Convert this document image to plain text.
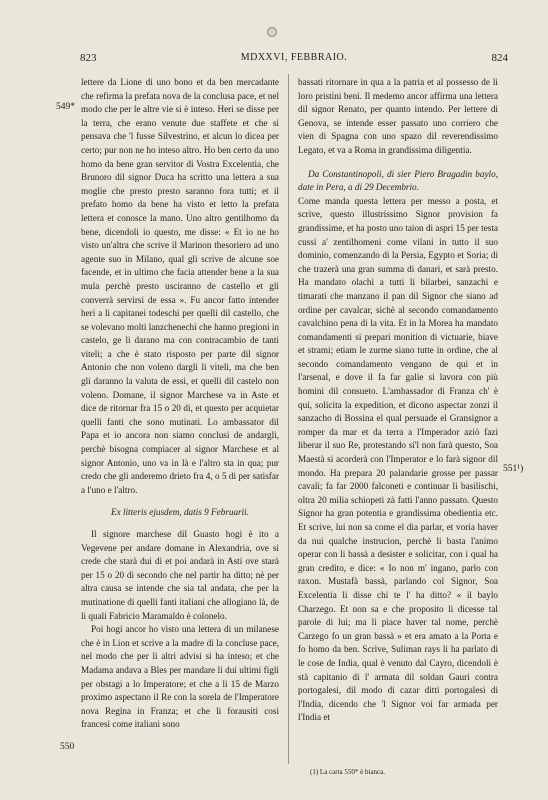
823	MDXXVI, FEBBRAIO.	824
549*
550
551¹)

lettere da Lione di uno bono et da ben mercadante che refirma la prefata nova de la conclusa pace, et nel modo che per le altre vie si è inteso. Heri se disse per la terra, che erano venute due staffete et che si pensava che 'l fusse Silvestrino, et alcun lo dicea per certo; pur non ne ho inteso altro. Ho ben certo da uno homo da bene gran servitor di Vostra Excelentia, che Brunoro dil signor Duca ha scritto una lettera a sua moglie che presto presto saranno fora tutti; et il prefato homo da bene ha visto et letto la prefata lettera et conosce la mano. Uno altro gentilhomo da bene, dicendoli io questo, me disse: « Et io ne ho visto un'altra che scrive il Marinon thesoriero ad uno agente suo in Milano, qual gli scrive de alcune soe facende, et in ultimo che facia attender bene a la sua mula perchè presto usciranno de castello et gli converrà servirsi de essa ». Fu ancor fatto intender heri a li capitanei todeschi per quelli dil castello, che se volevano molti lanzchenechi che hanno pregioni in castelo, ge li darano ma con contracambio de tanti viteli; a che è stato risposto per parte dil signor Antonio che non voleno dargli li viteli, ma che ben gli daranno la valuta de essi, et quelli dil castelo non voleno. Domane, il signor Marchese va in Aste et dice de ritornar fra 15 o 20 di, et questo per acquietar quelli fanti che sono mutinati. Lo ambassator dil Papa et io ancora non siamo conclusi de andargli, perchè bisogna compiacer al signor Marchese et al signor Antonio, uno va in là e l'altro sta in qua; pur credo che gli anderemo drieto fra 4, o 5 di per satisfar a l'uno e l'altro.

Ex litteris ejusdem, datis 9 Februarii.

Il signore marchese dil Guasto hogi è ito a Vegevene per andare domane in Alexandria, ove si crede che starà dui di et poi andarà in Asti ove starà per 15 o 20 dì secondo che nel partir ha ditto; nè per altra causa se intende che sia tal andata, che per la mutinatione di quelli fanti italiani che allogiano là, de li quali Fabricio Maramaldo è colonelo.

Poi hogi ancor ho visto una lettera di un milanese che è in Lion et scrive a la madre di la concluse pace, nel modo che per li altri advisi si ha inteso; et che Madama andava a Bles per mandare li dui ultimi figli per obstagi a lo Imperatore; et che a li 15 de Marzo proximo aspectano il Re con la sorela de l'Imperatore nova Regina in Franza; et che li forausiti così francesi come italiani sono

bassati ritornare in qua a la patria et al possesso de li loro pristini beni. Il medemo ancor affirma una lettera dil signor Renato, per quanto intendo. Per lettere di Genova, se intende esser passato uno corriero che vien di Spagna con uno spazo dil reverendissimo Legato, et va a Roma in grandissima diligentia.

Da Constantinopoli, di sier Piero Bragadin baylo, date in Pera, a di 29 Decembrio.

Come manda questa lettera per messo a posta, et scrive, questo illustrissimo Signor provision fa grandissime, et ha posto uno taion di aspri 15 per testa cussì a' zentilhomeni come vilani in tutto il suo dominio, comenzando di la Persia, Egypto et Soria; di che trazerà una gran summa di danari, et sarà presto. Ha mandato olachi a tutti li bilarbei, sanzachi e timarati che manzano il pan dil Signor che siano ad ordine per cavalcar, sichè al secondo comandamento cavalchino pena di la vita. Et in la Morea ha mandato comandamenti si prepari monition di victuarie, biave et strami; etiam le zurme siano tutte in ordine, che al secondo comandamento vengano de qui et in l'arsenal, e dove il fa far galie si lavora con più homini dil consueto. L'ambassador di Franza ch' è qui, solicita la expedition, et dicono aspectar zonzi il sanzacho di Bossina el qual persuade el Gransignor a romper da mar et da terra a l'Imperador aziò fazi liberar il suo Re, protestando si'l non farà questo, Soa Maestà si acorderà con l'Imperator e lo farà signor dil mondo. Ha prepara 20 palandarie grosse per passar cavali; fa far 2000 falconeti e continuar li basilischi, oltra 20 milia schiopeti zà fatti l'anno passato. Questo Signor ha gran potentia e grandissima obedientia etc. Et scrive, lui non sa come el dia parlar, et voria haver da nui qualche instrucion, perchè li basta l'animo operar con li bassà a desister e solicitar, con i qual ha gran credito, e dice: « Io non m' ingano, parlo con raxon. Mustafà bassà, parlando col Signor, Soa Excelentia li disse chi te l' ha ditto? « il baylo Charzego. Et non sa e che proposito li dicesse tal parole di lui; ma li piace haver tal nome, perchè Carzego fo un gran bassà » et era amato a la Porta e fo homo da ben. Scrive, Suliman rays li ha parlato di le cose de India, qual è venuto dal Cayro, dicendoli è stà capitanio di l' armata dil soldan Gauri contra portogalesi, dil modo di cazar ditti portogalesi di l'India, dicendo che 'l Signor voi far armada per l'India et

(1) La carta 550* è bianca.
